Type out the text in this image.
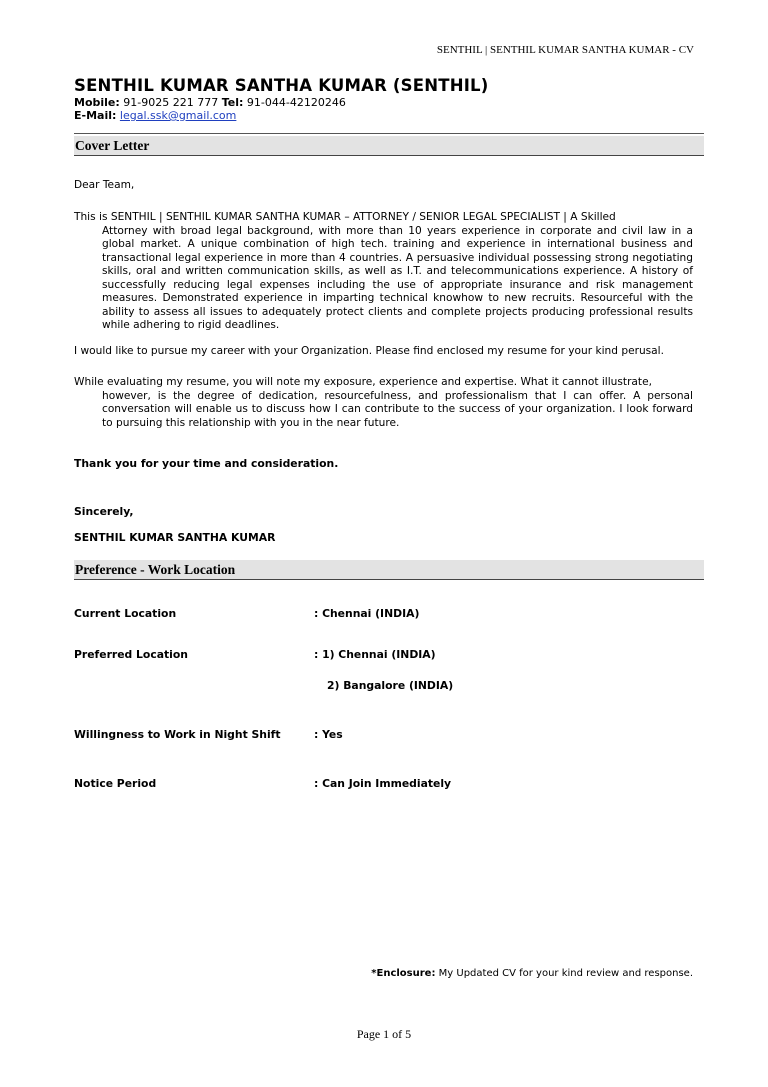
SENTHIL | SENTHIL KUMAR SANTHA KUMAR - CV
SENTHIL KUMAR SANTHA KUMAR (SENTHIL)
Mobile: 91-9025 221 777 Tel: 91-044-42120246
E-Mail: legal.ssk@gmail.com
Cover Letter
Dear Team,
This is SENTHIL | SENTHIL KUMAR SANTHA KUMAR – ATTORNEY / SENIOR LEGAL SPECIALIST | A Skilled
Attorney with broad legal background, with more than 10 years experience in corporate and civil law in a global market. A unique combination of high tech. training and experience in international business and transactional legal experience in more than 4 countries. A persuasive individual possessing strong negotiating skills, oral and written communication skills, as well as I.T. and telecommunications experience. A history of successfully reducing legal expenses including the use of appropriate insurance and risk management measures. Demonstrated experience in imparting technical knowhow to new recruits. Resourceful with the ability to assess all issues to adequately protect clients and complete projects producing professional results while adhering to rigid deadlines.
I would like to pursue my career with your Organization. Please find enclosed my resume for your kind perusal.
While evaluating my resume, you will note my exposure, experience and expertise. What it cannot illustrate,
however, is the degree of dedication, resourcefulness, and professionalism that I can offer. A personal conversation will enable us to discuss how I can contribute to the success of your organization. I look forward to pursuing this relationship with you in the near future.
Thank you for your time and consideration.
Sincerely,
SENTHIL KUMAR SANTHA KUMAR
Preference - Work Location
Current Location	: Chennai (INDIA)
Preferred Location	: 1) Chennai (INDIA)
2) Bangalore (INDIA)
Willingness to Work in Night Shift	: Yes
Notice Period	: Can Join Immediately
*Enclosure: My Updated CV for your kind review and response.
Page 1 of 5
